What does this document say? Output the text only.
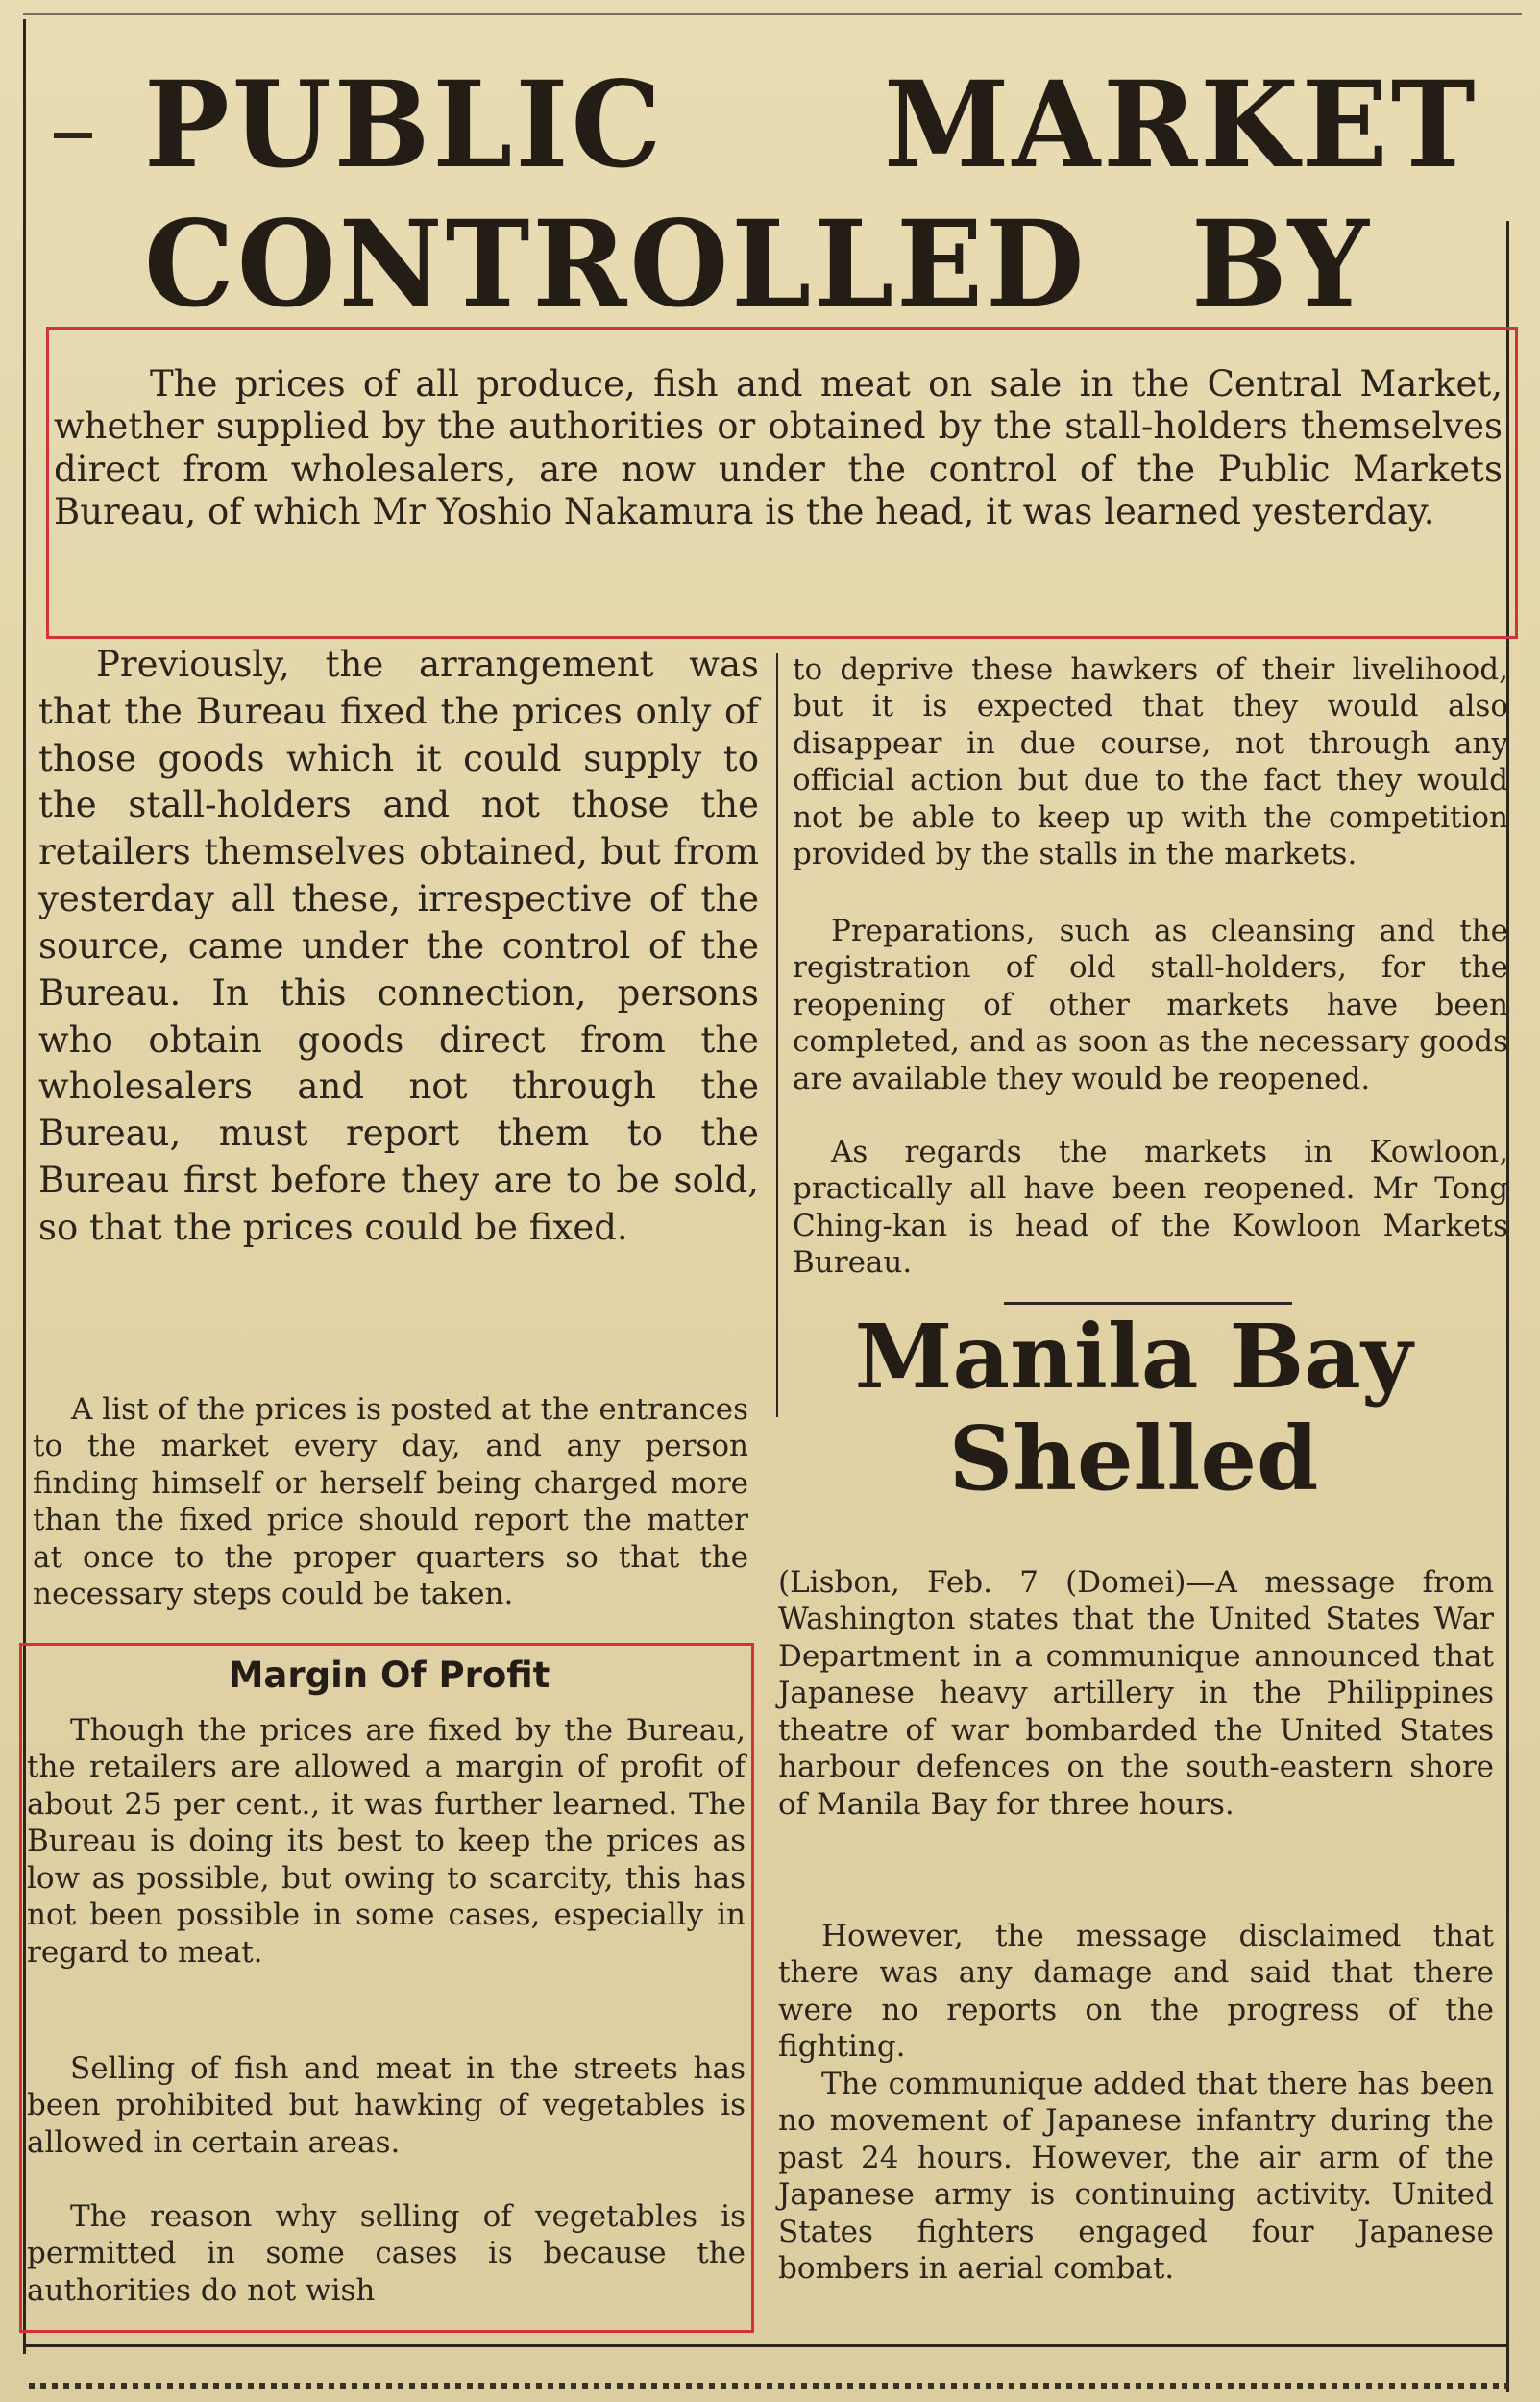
PUBLIC MARKET
CONTROLLED BY

The prices of all produce, fish and meat on sale in the Central Market, whether supplied by the authorities or obtained by the stall-holders themselves direct from wholesalers, are now under the control of the Public Markets Bureau, of which Mr Yoshio Nakamura is the head, it was learned yesterday.

Previously, the arrangement was that the Bureau fixed the prices only of those goods which it could supply to the stall-holders and not those the retailers themselves obtained, but from yesterday all these, irrespective of the source, came under the control of the Bureau. In this connection, persons who obtain goods direct from the wholesalers and not through the Bureau, must report them to the Bureau first before they are to be sold, so that the prices could be fixed.

A list of the prices is posted at the entrances to the market every day, and any person finding himself or herself being charged more than the fixed price should report the matter at once to the proper quarters so that the necessary steps could be taken.

Margin Of Profit

Though the prices are fixed by the Bureau, the retailers are allowed a margin of profit of about 25 per cent., it was further learned. The Bureau is doing its best to keep the prices as low as possible, but owing to scarcity, this has not been possible in some cases, especially in regard to meat.

Selling of fish and meat in the streets has been prohibited but hawking of vegetables is allowed in certain areas.

The reason why selling of vegetables is permitted in some cases is because the authorities do not wish

to deprive these hawkers of their livelihood, but it is expected that they would also disappear in due course, not through any official action but due to the fact they would not be able to keep up with the competition provided by the stalls in the markets.

Preparations, such as cleansing and the registration of old stall-holders, for the reopening of other markets have been completed, and as soon as the necessary goods are available they would be reopened.

As regards the markets in Kowloon, practically all have been reopened. Mr Tong Ching-kan is head of the Kowloon Markets Bureau.

Manila Bay
Shelled

(Lisbon, Feb. 7 (Domei)—A message from Washington states that the United States War Department in a communique announced that Japanese heavy artillery in the Philippines theatre of war bombarded the United States harbour defences on the south-eastern shore of Manila Bay for three hours.

However, the message disclaimed that there was any damage and said that there were no reports on the progress of the fighting.

The communique added that there has been no movement of Japanese infantry during the past 24 hours. However, the air arm of the Japanese army is continuing activity. United States fighters engaged four Japanese bombers in aerial combat.
